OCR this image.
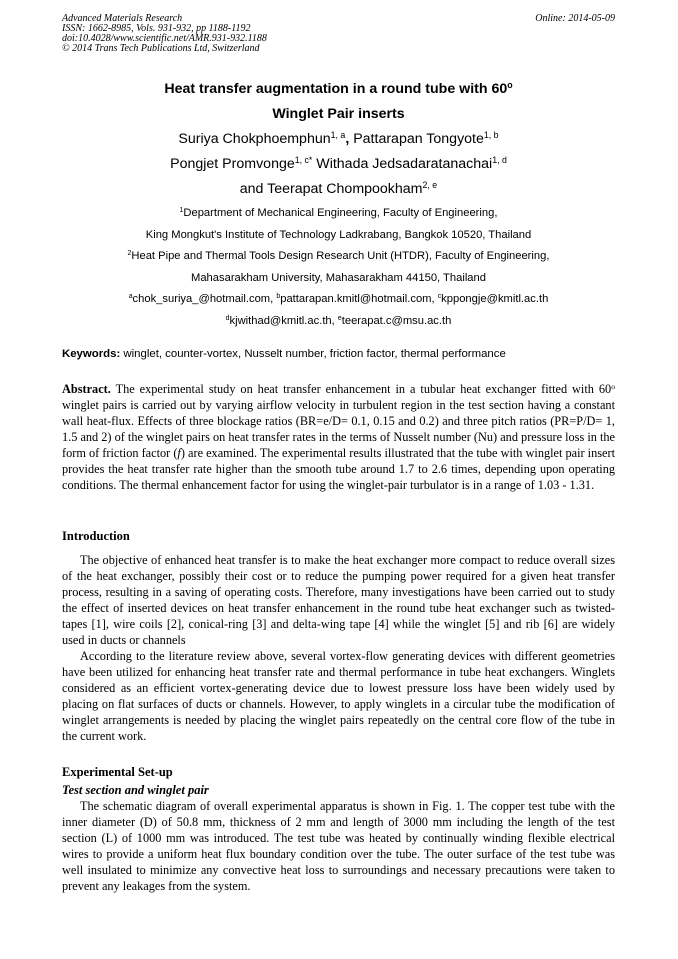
Advanced Materials Research
ISSN: 1662-8985, Vols. 931-932, pp 1188-1192
doi:10.4028/www.scientific.net/AMR.931-932.1188
© 2014 Trans Tech Publications Ltd, Switzerland
Online: 2014-05-09
Heat transfer augmentation in a round tube with 60$^o$
Winglet Pair inserts
Suriya Chokphoemphun$^{1, a}$, Pattarapan Tongyote$^{1, b}$
Pongjet Promvonge$^{1, c*}$ Withada Jedsadaratanachai$^{1, d}$
and Teerapat Chompookham$^{2, e}$
$^1$Department of Mechanical Engineering, Faculty of Engineering,
King Mongkut's Institute of Technology Ladkrabang, Bangkok 10520, Thailand
$^2$Heat Pipe and Thermal Tools Design Research Unit (HTDR), Faculty of Engineering,
Mahasarakham University, Mahasarakham 44150, Thailand
$^a$chok_suriya_@hotmail.com, $^b$pattarapan.kmitl@hotmail.com, $^c$kppongje@kmitl.ac.th
$^d$kjwithad@kmitl.ac.th, $^e$teerapat.c@msu.ac.th
Keywords: winglet, counter-vortex, Nusselt number, friction factor, thermal performance
Abstract. The experimental study on heat transfer enhancement in a tubular heat exchanger fitted with 60$^o$ winglet pairs is carried out by varying airflow velocity in turbulent region in the test section having a constant wall heat-flux. Effects of three blockage ratios (BR=e/D= 0.1, 0.15 and 0.2) and three pitch ratios (PR=P/D= 1, 1.5 and 2) of the winglet pairs on heat transfer rates in the terms of Nusselt number (Nu) and pressure loss in the form of friction factor (f) are examined. The experimental results illustrated that the tube with winglet pair insert provides the heat transfer rate higher than the smooth tube around 1.7 to 2.6 times, depending upon operating conditions. The thermal enhancement factor for using the winglet-pair turbulator is in a range of 1.03 - 1.31.
Introduction
The objective of enhanced heat transfer is to make the heat exchanger more compact to reduce overall sizes of the heat exchanger, possibly their cost or to reduce the pumping power required for a given heat transfer process, resulting in a saving of operating costs. Therefore, many investigations have been carried out to study the effect of inserted devices on heat transfer enhancement in the round tube heat exchanger such as twisted-tapes [1], wire coils [2], conical-ring [3] and delta-wing tape [4] while the winglet [5] and rib [6] are widely used in ducts or channels
According to the literature review above, several vortex-flow generating devices with different geometries have been utilized for enhancing heat transfer rate and thermal performance in tube heat exchangers. Winglets considered as an efficient vortex-generating device due to lowest pressure loss have been widely used by placing on flat surfaces of ducts or channels. However, to apply winglets in a circular tube the modification of winglet arrangements is needed by placing the winglet pairs repeatedly on the central core flow of the tube in the current work.
Experimental Set-up
Test section and winglet pair
The schematic diagram of overall experimental apparatus is shown in Fig. 1. The copper test tube with the inner diameter (D) of 50.8 mm, thickness of 2 mm and length of 3000 mm including the length of the test section (L) of 1000 mm was introduced. The test tube was heated by continually winding flexible electrical wires to provide a uniform heat flux boundary condition over the tube. The outer surface of the test tube was well insulated to minimize any convective heat loss to surroundings and necessary precautions were taken to prevent any leakages from the system.
